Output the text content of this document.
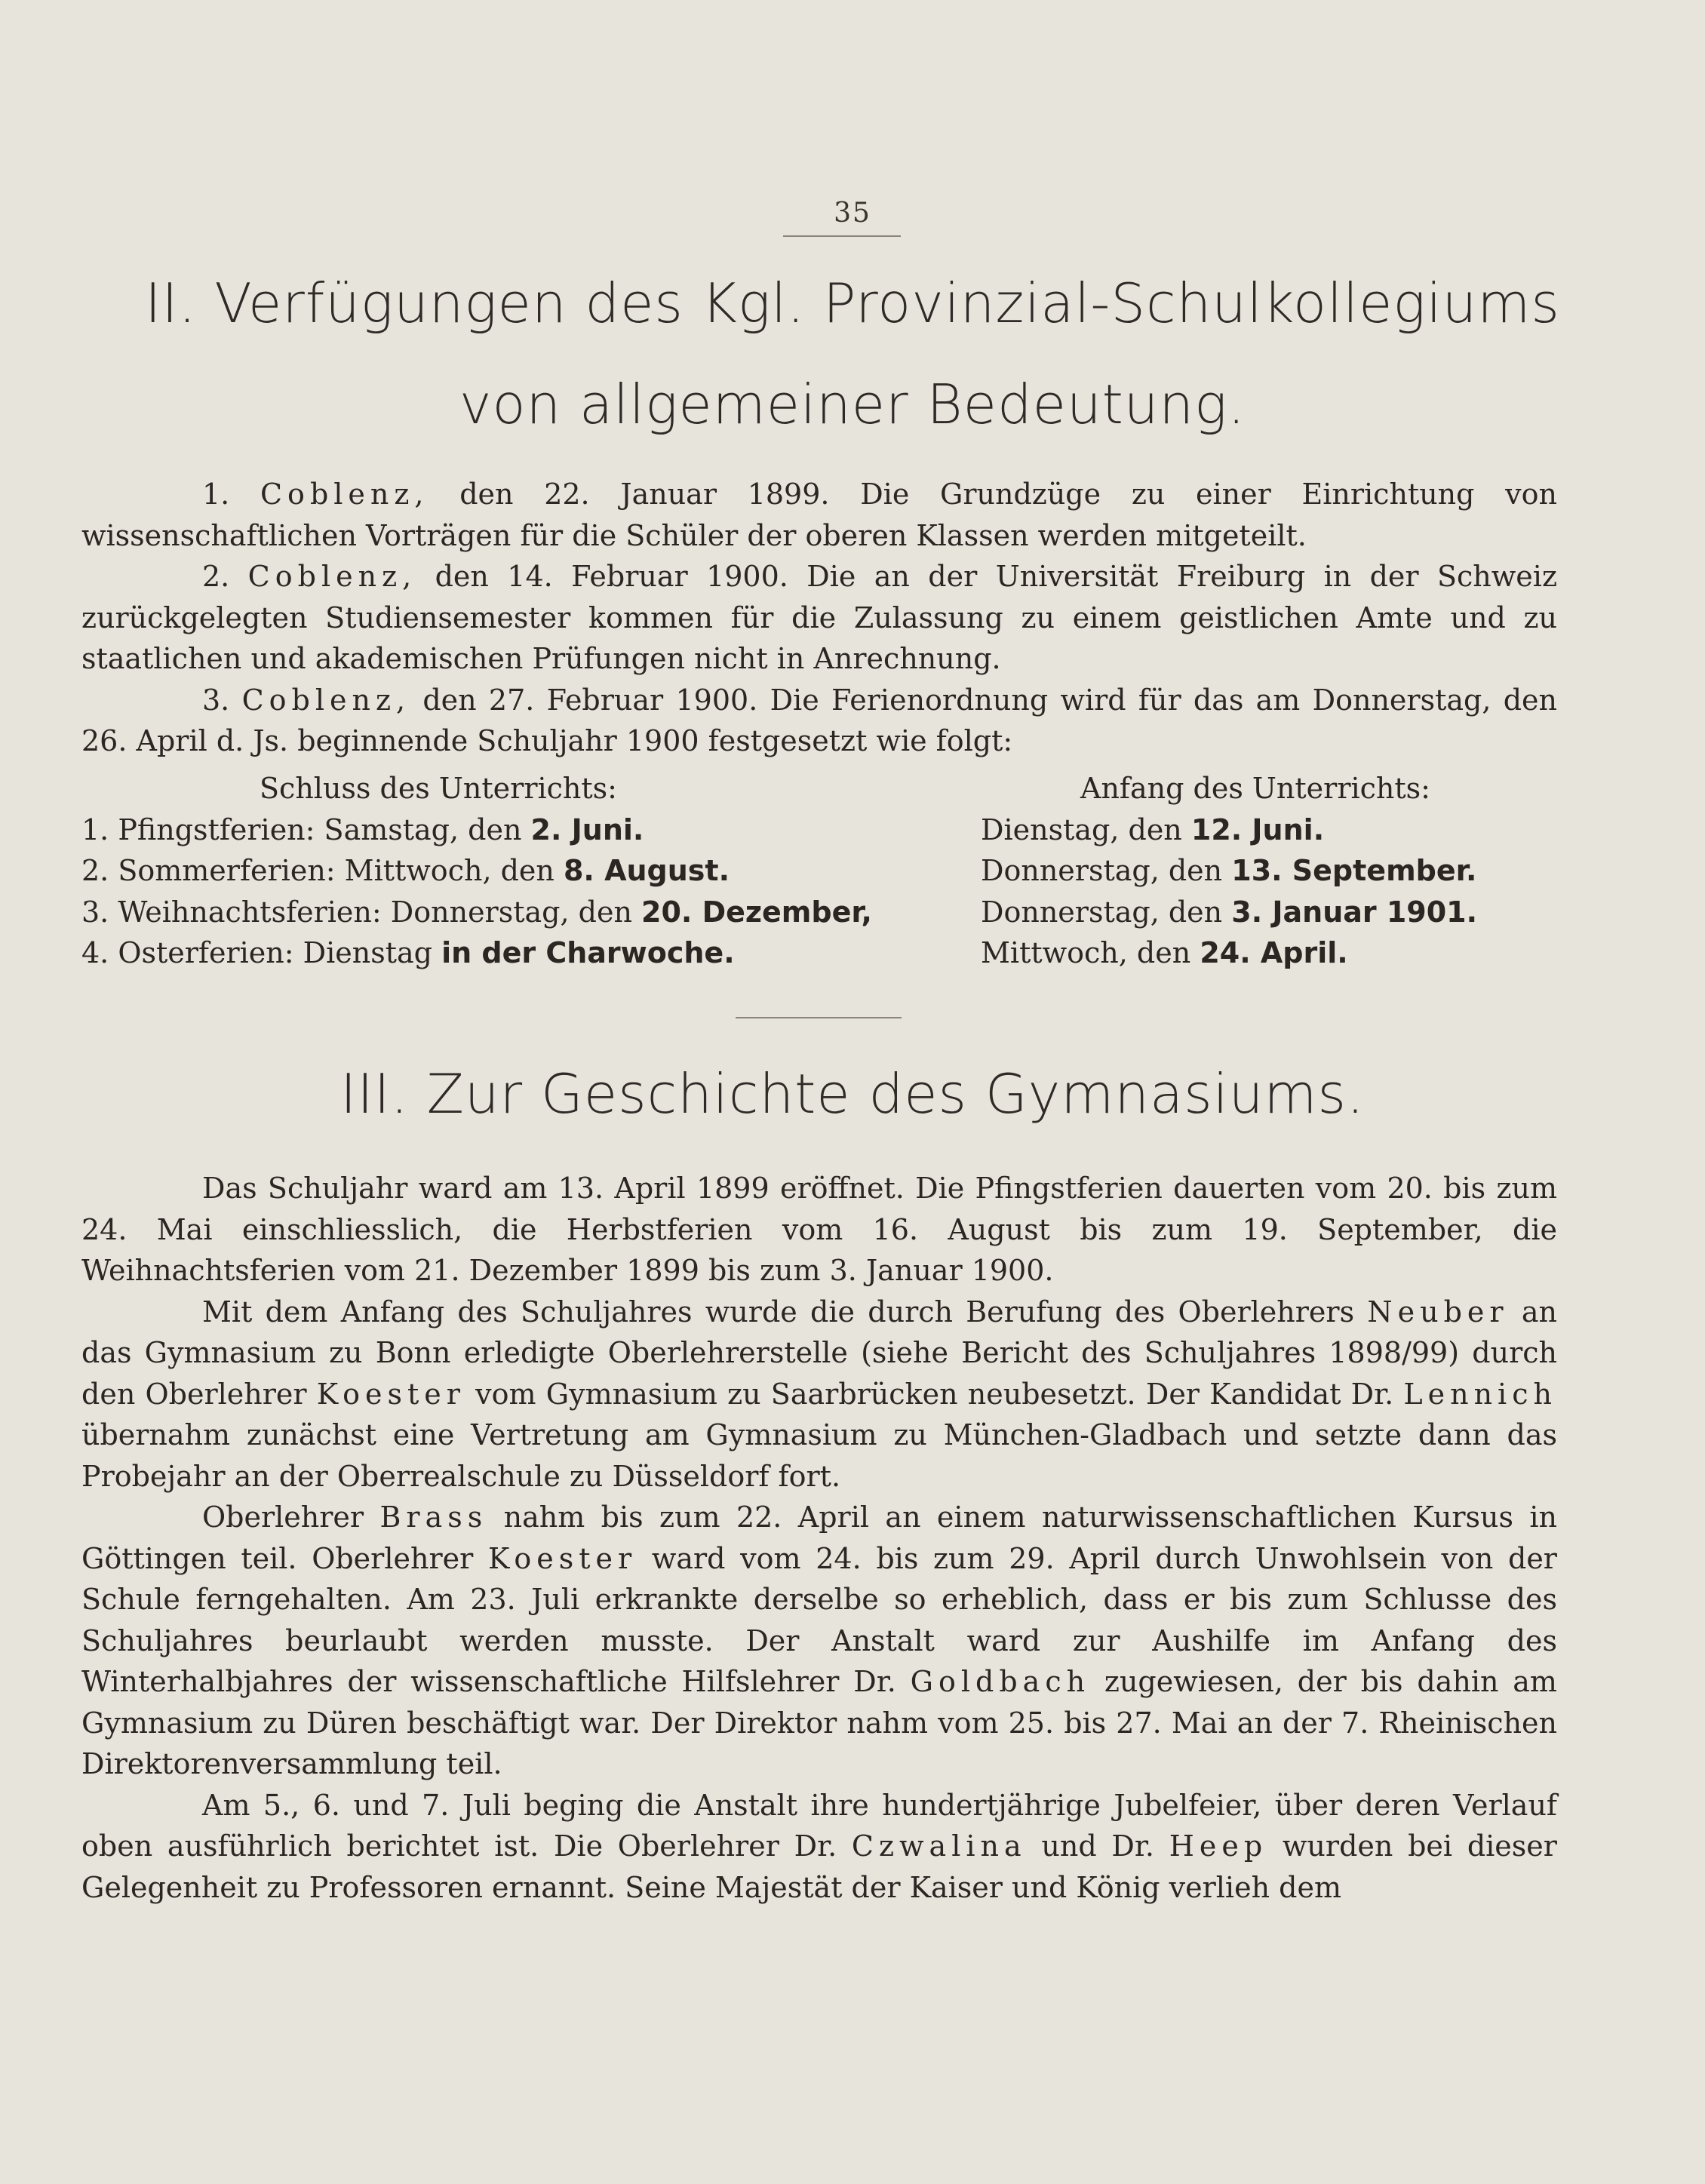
35
II. Verfügungen des Kgl. Provinzial-Schulkollegiums
von allgemeiner Bedeutung.

1. Coblenz, den 22. Januar 1899. Die Grundzüge zu einer Einrichtung von wissenschaftlichen Vorträgen für die Schüler der oberen Klassen werden mitgeteilt.

2. Coblenz, den 14. Februar 1900. Die an der Universität Freiburg in der Schweiz zurückgelegten Studiensemester kommen für die Zulassung zu einem geistlichen Amte und zu staatlichen und akademischen Prüfungen nicht in Anrechnung.

3. Coblenz, den 27. Februar 1900. Die Ferienordnung wird für das am Donnerstag, den 26. April d. Js. beginnende Schuljahr 1900 festgesetzt wie folgt:

Schluss des Unterrichts:	Anfang des Unterrichts:
1. Pfingstferien: Samstag, den 2. Juni.	Dienstag, den 12. Juni.
2. Sommerferien: Mittwoch, den 8. August.	Donnerstag, den 13. September.
3. Weihnachtsferien: Donnerstag, den 20. Dezember,	Donnerstag, den 3. Januar 1901.
4. Osterferien: Dienstag in der Charwoche.	Mittwoch, den 24. April.
III. Zur Geschichte des Gymnasiums.

Das Schuljahr ward am 13. April 1899 eröffnet. Die Pfingstferien dauerten vom 20. bis zum 24. Mai einschliesslich, die Herbstferien vom 16. August bis zum 19. September, die Weihnachtsferien vom 21. Dezember 1899 bis zum 3. Januar 1900.

Mit dem Anfang des Schuljahres wurde die durch Berufung des Oberlehrers Neuber an das Gymnasium zu Bonn erledigte Oberlehrerstelle (siehe Bericht des Schuljahres 1898/99) durch den Oberlehrer Koester vom Gymnasium zu Saarbrücken neubesetzt. Der Kandidat Dr. Lennich übernahm zunächst eine Vertretung am Gymnasium zu München-Gladbach und setzte dann das Probejahr an der Oberrealschule zu Düsseldorf fort.

Oberlehrer Brass nahm bis zum 22. April an einem naturwissenschaftlichen Kursus in Göttingen teil. Oberlehrer Koester ward vom 24. bis zum 29. April durch Unwohlsein von der Schule ferngehalten. Am 23. Juli erkrankte derselbe so erheblich, dass er bis zum Schlusse des Schuljahres beurlaubt werden musste. Der Anstalt ward zur Aushilfe im Anfang des Winterhalbjahres der wissenschaftliche Hilfslehrer Dr. Goldbach zugewiesen, der bis dahin am Gymnasium zu Düren beschäftigt war. Der Direktor nahm vom 25. bis 27. Mai an der 7. Rheinischen Direktorenversammlung teil.

Am 5., 6. und 7. Juli beging die Anstalt ihre hundertjährige Jubelfeier, über deren Verlauf oben ausführlich berichtet ist. Die Oberlehrer Dr. Czwalina und Dr. Heep wurden bei dieser Gelegenheit zu Professoren ernannt. Seine Majestät der Kaiser und König verlieh dem
